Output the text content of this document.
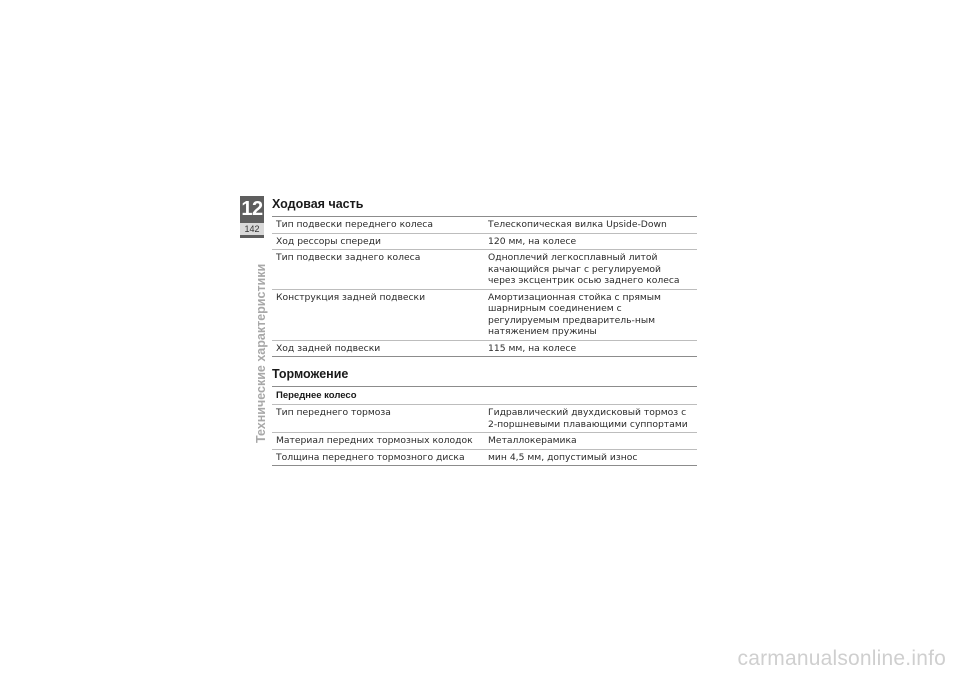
12
142
Технические характеристики
Ходовая часть
Тип подвески переднего колеса	Телескопическая вилка Upside-Down
Ход рессоры спереди	120 мм, на колесе
Тип подвески заднего колеса	Одноплечий легкосплавный литой качающийся рычаг с регулируемой через эксцентрик осью заднего колеса
Конструкция задней подвески	Амортизационная стойка с прямым шарнирным соединением с регулируемым предваритель-ным натяжением пружины
Ход задней подвески	115 мм, на колесе
Торможение
Переднее колесо
Тип переднего тормоза	Гидравлический двухдисковый тормоз с 2-поршневыми плавающими суппортами
Материал передних тормозных колодок	Металлокерамика
Толщина переднего тормозного диска	мин 4,5 мм, допустимый износ
carmanualsonline.info
